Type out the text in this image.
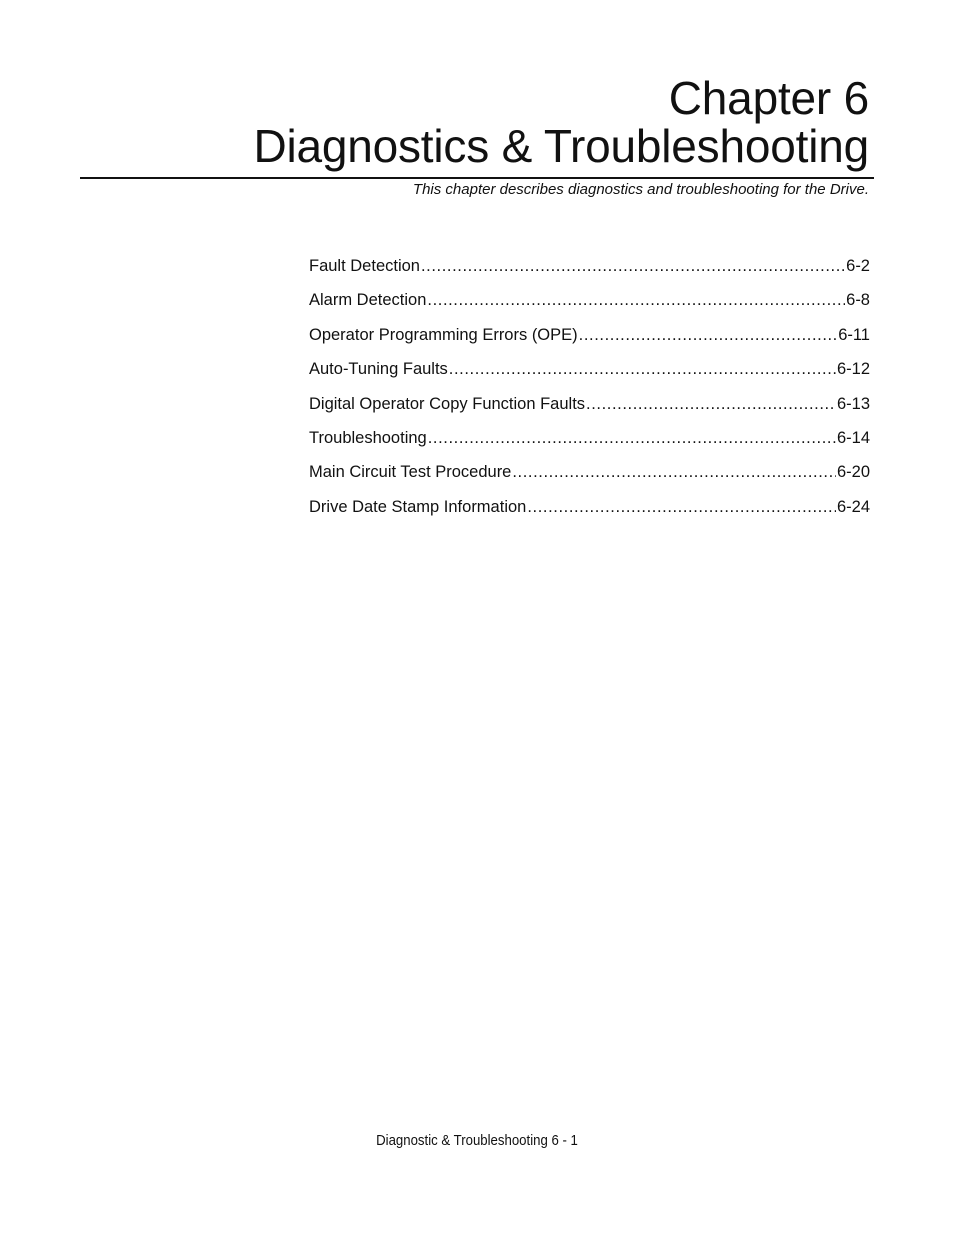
Chapter 6
Diagnostics & Troubleshooting

This chapter describes diagnostics and troubleshooting for the Drive.

Fault Detection .....	6-2
Alarm Detection .....	6-8
Operator Programming Errors (OPE) .....	6-11
Auto-Tuning Faults .....	6-12
Digital Operator Copy Function Faults .....	6-13
Troubleshooting .....	6-14
Main Circuit Test Procedure .....	6-20
Drive Date Stamp Information .....	6-24

Diagnostic & Troubleshooting 6 - 1
